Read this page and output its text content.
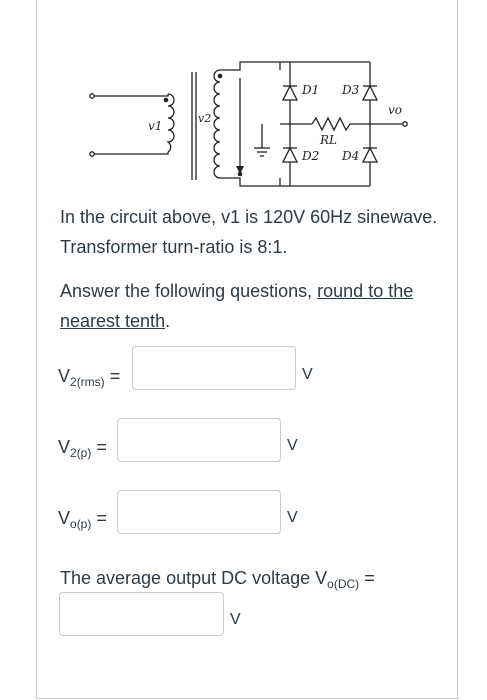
v1
v2
D1
D2
D3
D4
RL
vo
In the circuit above, v1 is 120V 60Hz sinewave. Transformer turn-ratio is 8:1.
Answer the following questions, round to the nearest tenth.
$V_{2(rms)}$ =	V
$V_{2(p)}$ =	V
$V_{o(p)}$ =	V
The average output DC voltage $V_{o(DC)}$ =
V
